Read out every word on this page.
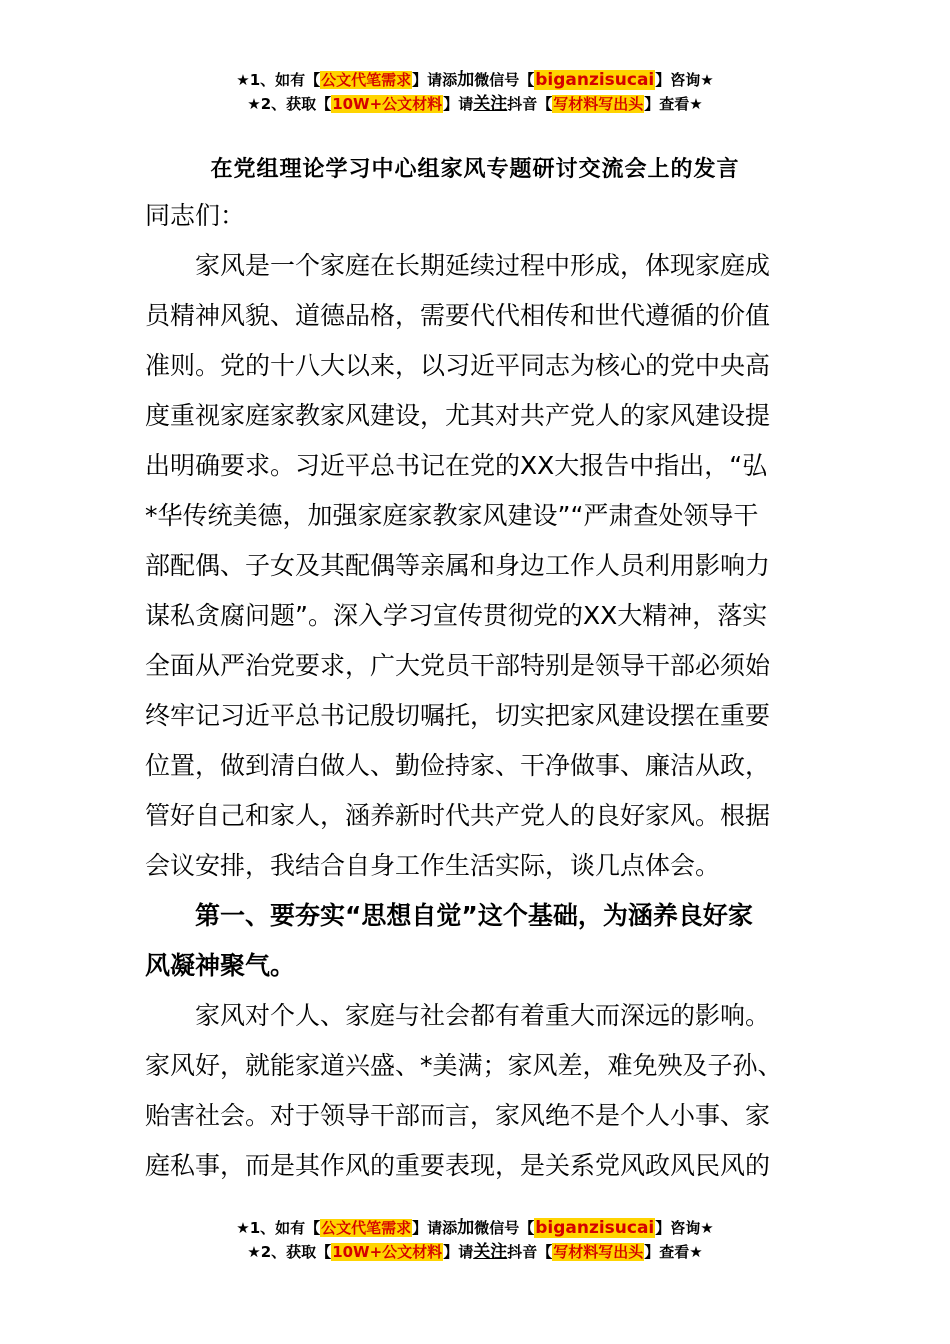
★1、如有【公文代笔需求】请添加微信号【biganzisucai】咨询★
★2、获取【10W+公文材料】请关注抖音【写材料写出头】查看★
在党组理论学习中心组家风专题研讨交流会上的发言
同志们：
家风是一个家庭在长期延续过程中形成，体现家庭成
员精神风貌、道德品格，需要代代相传和世代遵循的价值
准则。党的十八大以来，以习近平同志为核心的党中央高
度重视家庭家教家风建设，尤其对共产党人的家风建设提
出明确要求。习近平总书记在党的XX大报告中指出，“弘
*华传统美德，加强家庭家教家风建设”“严肃查处领导干
部配偶、子女及其配偶等亲属和身边工作人员利用影响力
谋私贪腐问题”。深入学习宣传贯彻党的XX大精神，落实
全面从严治党要求，广大党员干部特别是领导干部必须始
终牢记习近平总书记殷切嘱托，切实把家风建设摆在重要
位置，做到清白做人、勤俭持家、干净做事、廉洁从政，
管好自己和家人，涵养新时代共产党人的良好家风。根据
会议安排，我结合自身工作生活实际，谈几点体会。
第一、要夯实“思想自觉”这个基础，为涵养良好家
风凝神聚气。
家风对个人、家庭与社会都有着重大而深远的影响。
家风好，就能家道兴盛、*美满；家风差，难免殃及子孙、
贻害社会。对于领导干部而言，家风绝不是个人小事、家
庭私事，而是其作风的重要表现，是关系党风政风民风的
★1、如有【公文代笔需求】请添加微信号【biganzisucai】咨询★
★2、获取【10W+公文材料】请关注抖音【写材料写出头】查看★
